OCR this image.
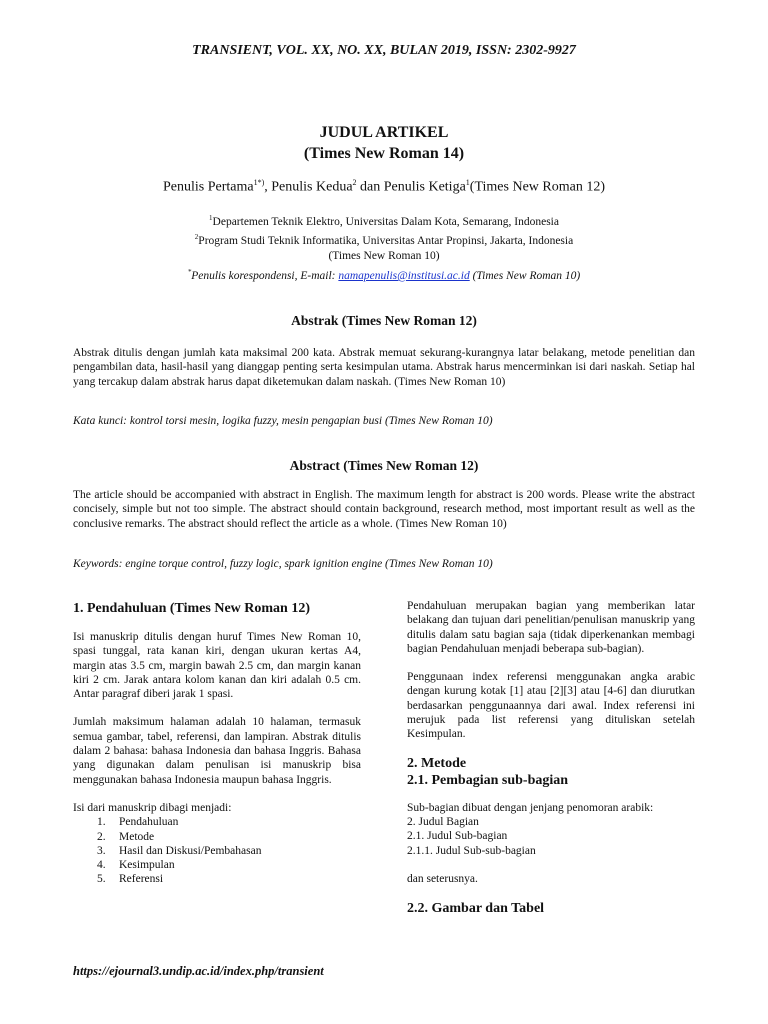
TRANSIENT, VOL. XX, NO. XX, BULAN 2019, ISSN: 2302-9927
JUDUL ARTIKEL
(Times New Roman 14)
Penulis Pertama$^{1*)}$, Penulis Kedua$^2$ dan Penulis Ketiga$^1$(Times New Roman 12)
$^1$Departemen Teknik Elektro, Universitas Dalam Kota, Semarang, Indonesia
$^2$Program Studi Teknik Informatika, Universitas Antar Propinsi, Jakarta, Indonesia
(Times New Roman 10)
*Penulis korespondensi, E-mail: namapenulis@institusi.ac.id (Times New Roman 10)
Abstrak (Times New Roman 12)
Abstrak ditulis dengan jumlah kata maksimal 200 kata. Abstrak memuat sekurang-kurangnya latar belakang, metode penelitian dan pengambilan data, hasil-hasil yang dianggap penting serta kesimpulan utama. Abstrak harus mencerminkan isi dari naskah. Setiap hal yang tercakup dalam abstrak harus dapat diketemukan dalam naskah. (Times New Roman 10)
Kata kunci: kontrol torsi mesin, logika fuzzy, mesin pengapian busi (Times New Roman 10)
Abstract (Times New Roman 12)
The article should be accompanied with abstract in English. The maximum length for abstract is 200 words. Please write the abstract concisely, simple but not too simple. The abstract should contain background, research method, most important result as well as the conclusive remarks. The abstract should reflect the article as a whole. (Times New Roman 10)
Keywords: engine torque control, fuzzy logic, spark ignition engine (Times New Roman 10)
1. Pendahuluan (Times New Roman 12)

Isi manuskrip ditulis dengan huruf Times New Roman 10, spasi tunggal, rata kanan kiri, dengan ukuran kertas A4, margin atas 3.5 cm, margin bawah 2.5 cm, dan margin kanan kiri 2 cm. Jarak antara kolom kanan dan kiri adalah 0.5 cm. Antar paragraf diberi jarak 1 spasi.

Jumlah maksimum halaman adalah 10 halaman, termasuk semua gambar, tabel, referensi, dan lampiran. Abstrak ditulis dalam 2 bahasa: bahasa Indonesia dan bahasa Inggris. Bahasa yang digunakan dalam penulisan isi manuskrip bisa menggunakan bahasa Indonesia maupun bahasa Inggris.

Isi dari manuskrip dibagi menjadi:

1.	Pendahuluan
2.	Metode
3.	Hasil dan Diskusi/Pembahasan
4.	Kesimpulan
5.	Referensi

Pendahuluan merupakan bagian yang memberikan latar belakang dan tujuan dari penelitian/penulisan manuskrip yang ditulis dalam satu bagian saja (tidak diperkenankan membagi bagian Pendahuluan menjadi beberapa sub-bagian).

Penggunaan index referensi menggunakan angka arabic dengan kurung kotak [1] atau [2][3] atau [4-6] dan diurutkan berdasarkan penggunaannya dari awal. Index referensi ini merujuk pada list referensi yang dituliskan setelah Kesimpulan.

2. Metode
2.1. Pembagian sub-bagian

Sub-bagian dibuat dengan jenjang penomoran arabik:

2. Judul Bagian
2.1. Judul Sub-bagian
2.1.1. Judul Sub-sub-bagian

dan seterusnya.

2.2. Gambar dan Tabel
https://ejournal3.undip.ac.id/index.php/transient
